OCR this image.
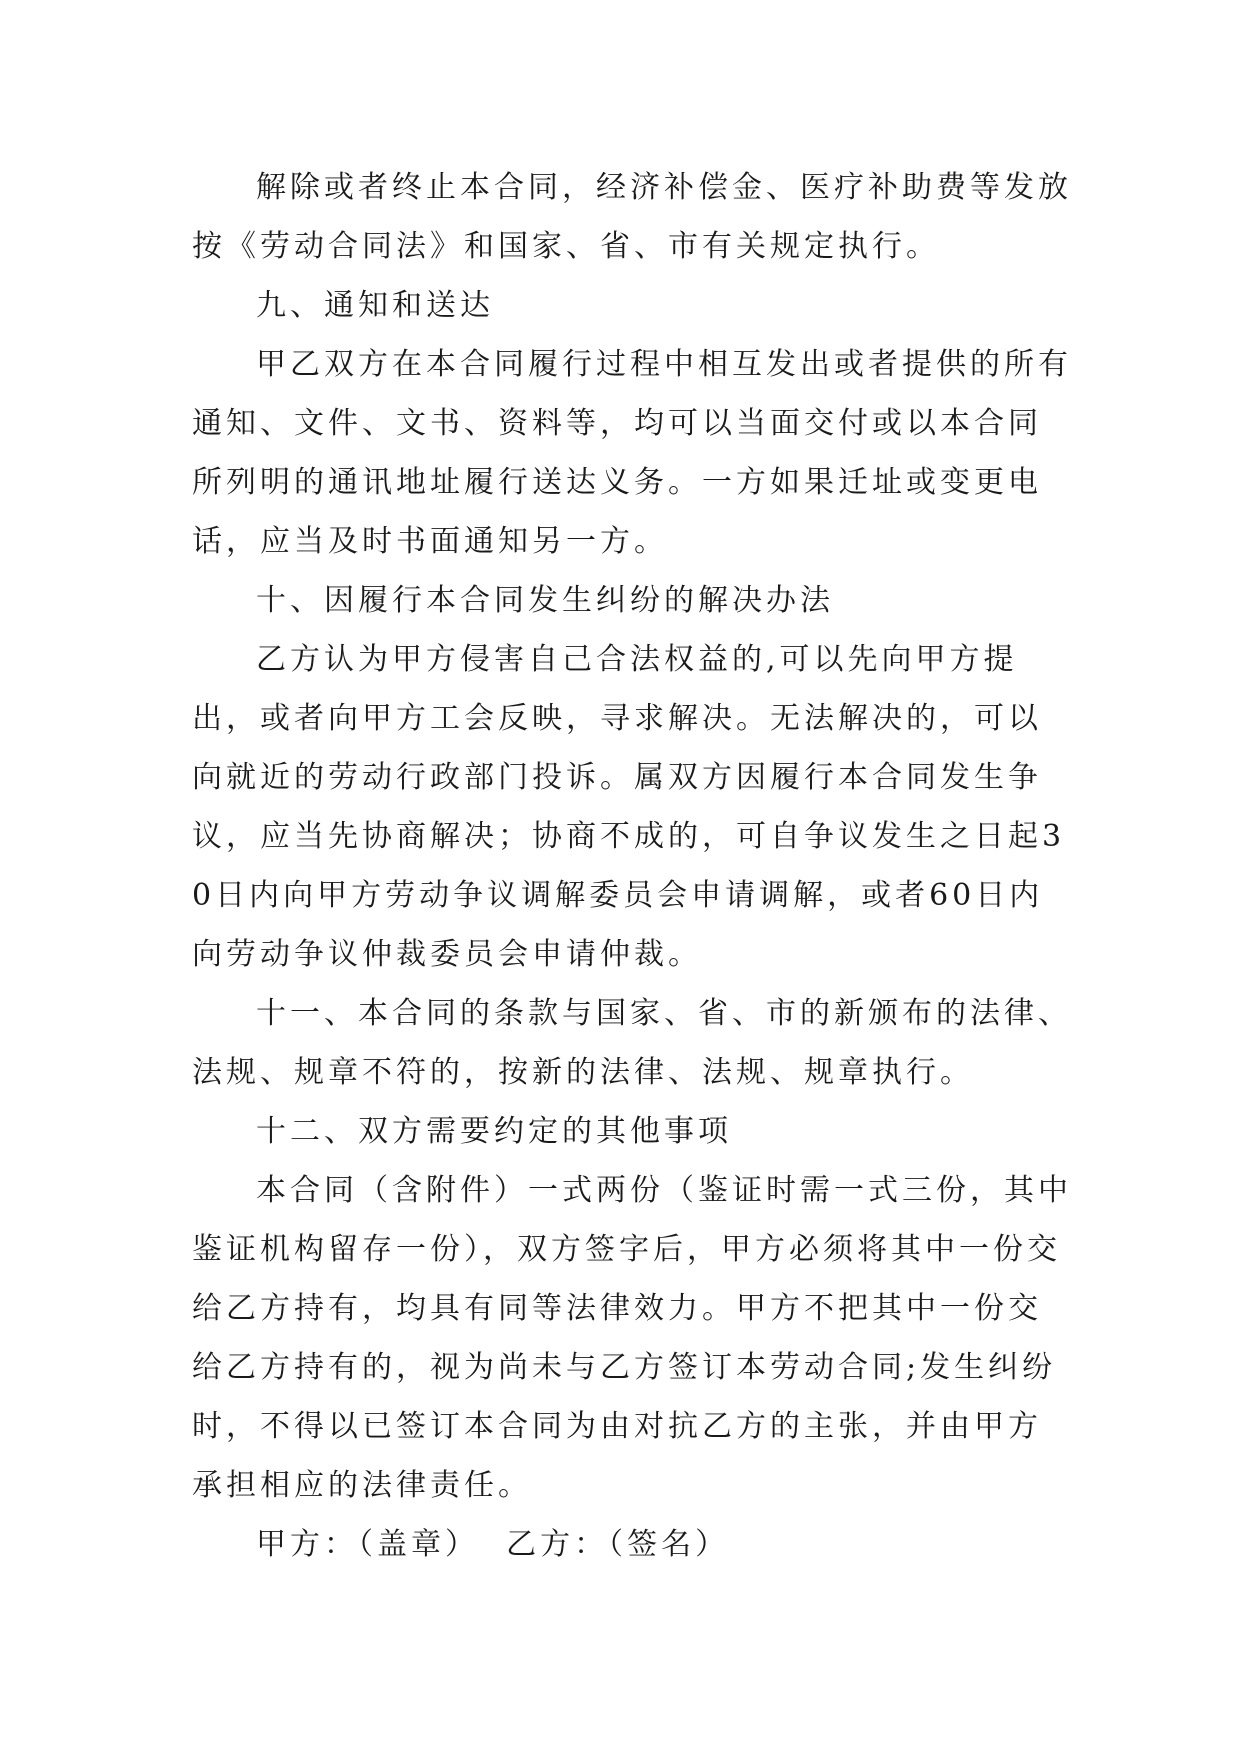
解除或者终止本合同，经济补偿金、医疗补助费等发放按《劳动合同法》和国家、省、市有关规定执行。

九、通知和送达

甲乙双方在本合同履行过程中相互发出或者提供的所有通知、文件、文书、资料等，均可以当面交付或以本合同所列明的通讯地址履行送达义务。一方如果迁址或变更电话，应当及时书面通知另一方。

十、因履行本合同发生纠纷的解决办法

乙方认为甲方侵害自己合法权益的,可以先向甲方提出，或者向甲方工会反映，寻求解决。无法解决的，可以向就近的劳动行政部门投诉。属双方因履行本合同发生争议，应当先协商解决；协商不成的，可自争议发生之日起30日内向甲方劳动争议调解委员会申请调解，或者60日内向劳动争议仲裁委员会申请仲裁。

十一、本合同的条款与国家、省、市的新颁布的法律、法规、规章不符的，按新的法律、法规、规章执行。

十二、双方需要约定的其他事项

本合同（含附件）一式两份（鉴证时需一式三份，其中鉴证机构留存一份），双方签字后，甲方必须将其中一份交给乙方持有，均具有同等法律效力。甲方不把其中一份交给乙方持有的，视为尚未与乙方签订本劳动合同;发生纠纷时，不得以已签订本合同为由对抗乙方的主张，并由甲方承担相应的法律责任。

甲方：（盖章） 乙方：（签名）
